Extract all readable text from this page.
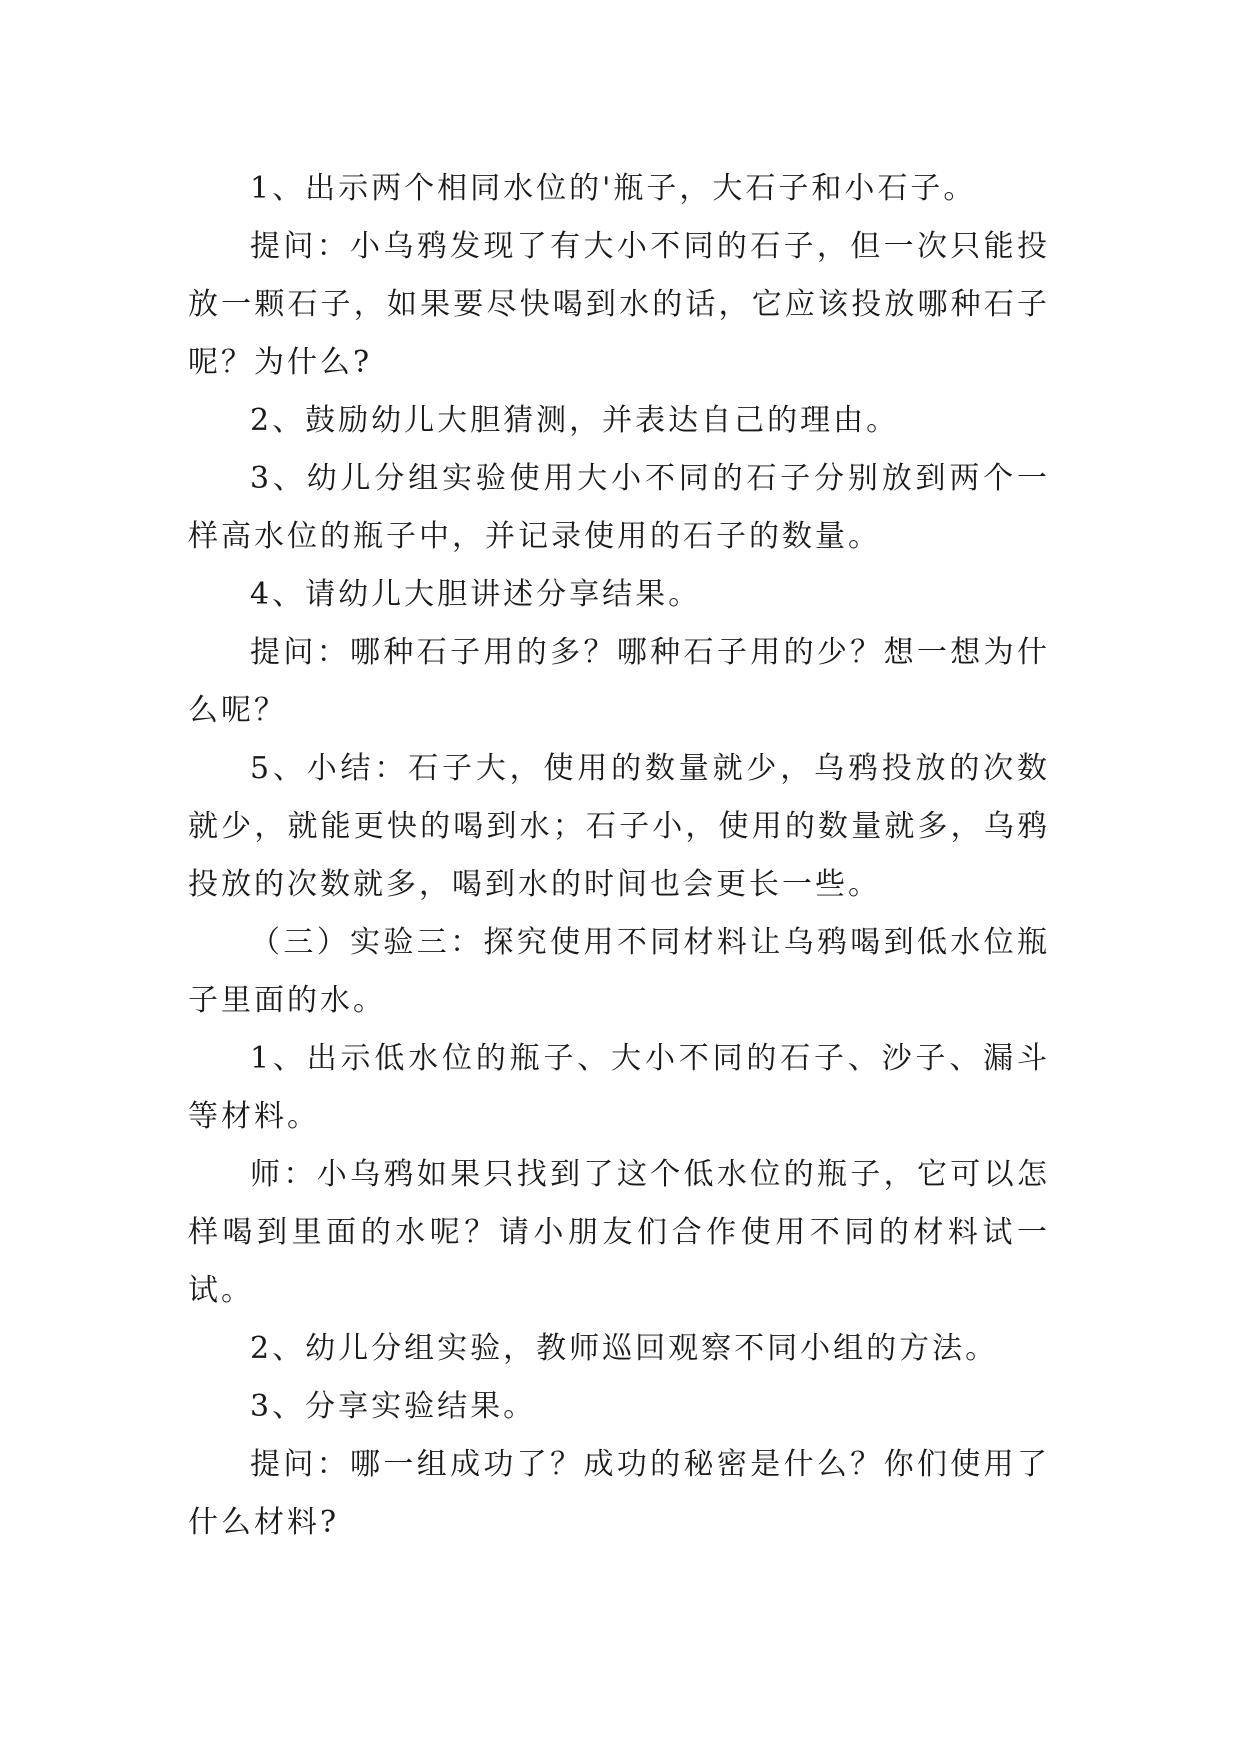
1、出示两个相同水位的'瓶子，大石子和小石子。

提问：小乌鸦发现了有大小不同的石子，但一次只能投放一颗石子，如果要尽快喝到水的话，它应该投放哪种石子呢？为什么?

2、鼓励幼儿大胆猜测，并表达自己的理由。

3、幼儿分组实验使用大小不同的石子分别放到两个一样高水位的瓶子中，并记录使用的石子的数量。

4、请幼儿大胆讲述分享结果。

提问：哪种石子用的多？哪种石子用的少？想一想为什么呢？

5、小结：石子大，使用的数量就少，乌鸦投放的次数就少，就能更快的喝到水；石子小，使用的数量就多，乌鸦投放的次数就多，喝到水的时间也会更长一些。

（三）实验三：探究使用不同材料让乌鸦喝到低水位瓶子里面的水。

1、出示低水位的瓶子、大小不同的石子、沙子、漏斗等材料。

师：小乌鸦如果只找到了这个低水位的瓶子，它可以怎样喝到里面的水呢？请小朋友们合作使用不同的材料试一试。

2、幼儿分组实验，教师巡回观察不同小组的方法。

3、分享实验结果。

提问：哪一组成功了？成功的秘密是什么？你们使用了什么材料?
